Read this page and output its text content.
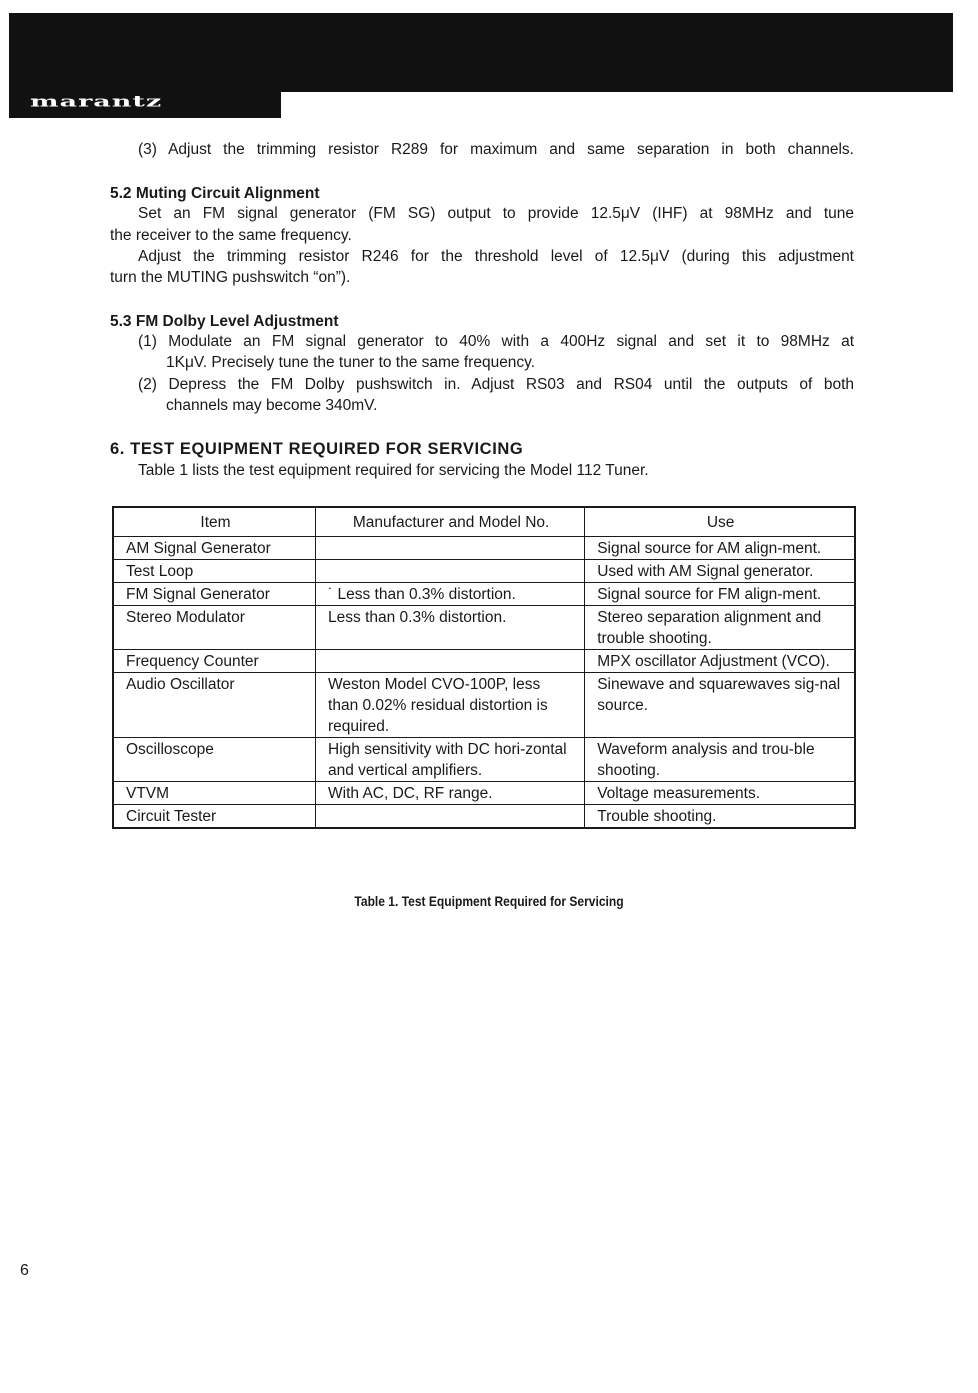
marantz
(3) Adjust the trimming resistor R289 for maximum and same separation in both channels.
5.2 Muting Circuit Alignment
Set an FM signal generator (FM SG) output to provide 12.5μV (IHF) at 98MHz and tune
the receiver to the same frequency.
Adjust the trimming resistor R246 for the threshold level of 12.5μV (during this adjustment
turn the MUTING pushswitch “on”).
5.3 FM Dolby Level Adjustment
(1) Modulate an FM signal generator to 40% with a 400Hz signal and set it to 98MHz at
1KμV. Precisely tune the tuner to the same frequency.
(2) Depress the FM Dolby pushswitch in. Adjust RS03 and RS04 until the outputs of both
channels may become 340mV.
6. TEST EQUIPMENT REQUIRED FOR SERVICING
Table 1 lists the test equipment required for servicing the Model 112 Tuner.
Item	Manufacturer and Model No.	Use
AM Signal Generator		Signal source for AM align-ment.
Test Loop		Used with AM Signal generator.
FM Signal Generator	˙ Less than 0.3% distortion.	Signal source for FM align-ment.
Stereo Modulator	Less than 0.3% distortion.	Stereo separation alignment and trouble shooting.
Frequency Counter		MPX oscillator Adjustment (VCO).
Audio Oscillator	Weston Model CVO-100P, less than 0.02% residual distortion is required.	Sinewave and squarewaves sig-nal source.
Oscilloscope	High sensitivity with DC hori-zontal and vertical amplifiers.	Waveform analysis and trou-ble shooting.
VTVM	With AC, DC, RF range.	Voltage measurements.
Circuit Tester		Trouble shooting.
Table 1. Test Equipment Required for Servicing
6
